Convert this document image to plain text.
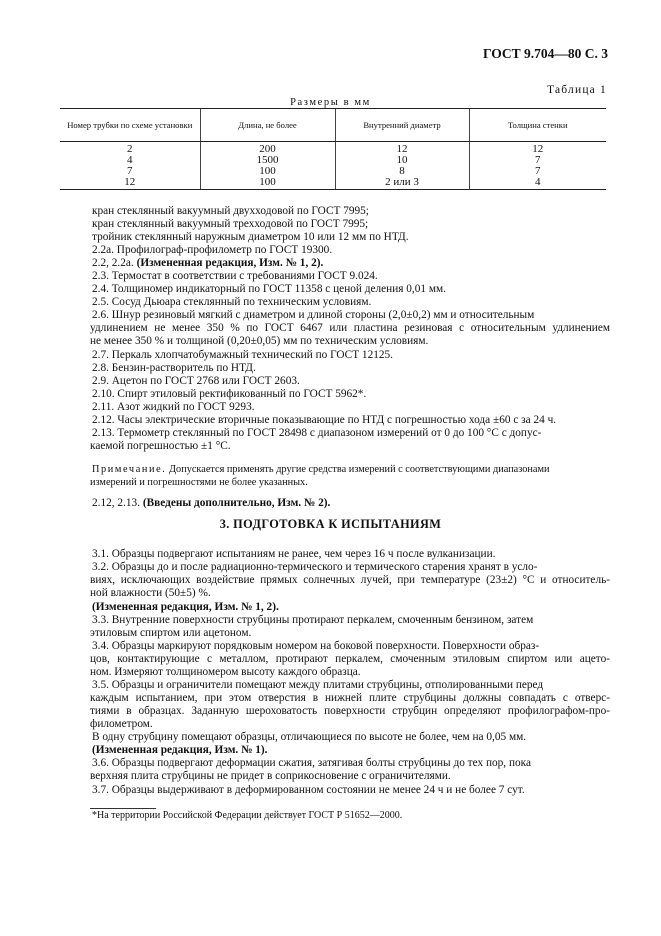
ГОСТ 9.704—80 С. 3
Таблица 1
Размеры в мм
Номер трубки по схеме установки	Длина, не более	Внутренний диаметр	Толщина стенки
2	200	12	12
4	1500	10	7
7	100	8	7
12	100	2 или 3	4
кран стеклянный вакуумный двухходовой по ГОСТ 7995;
кран стеклянный вакуумный трехходовой по ГОСТ 7995;
тройник стеклянный наружным диаметром 10 или 12 мм по НТД.
2.2а. Профилограф-профилометр по ГОСТ 19300.
2.2, 2.2а. (Измененная редакция, Изм. № 1, 2).
2.3. Термостат в соответствии с требованиями ГОСТ 9.024.
2.4. Толщиномер индикаторный по ГОСТ 11358 с ценой деления 0,01 мм.
2.5. Сосуд Дьюара стеклянный по техническим условиям.
2.6. Шнур резиновый мягкий с диаметром и длиной стороны (2,0±0,2) мм и относительным
удлинением не менее 350 % по ГОСТ 6467 или пластина резиновая с относительным удлинением
не менее 350 % и толщиной (0,20±0,05) мм по техническим условиям.
2.7. Перкаль хлопчатобумажный технический по ГОСТ 12125.
2.8. Бензин-растворитель по НТД.
2.9. Ацетон по ГОСТ 2768 или ГОСТ 2603.
2.10. Спирт этиловый ректификованный по ГОСТ 5962*.
2.11. Азот жидкий по ГОСТ 9293.
2.12. Часы электрические вторичные показывающие по НТД с погрешностью хода ±60 с за 24 ч.
2.13. Термометр стеклянный по ГОСТ 28498 с диапазоном измерений от 0 до 100 °С с допус-
каемой погрешностью ±1 °С.
Примечание. Допускается применять другие средства измерений с соответствующими диапазонами
измерений и погрешностями не более указанных.
2.12, 2.13. (Введены дополнительно, Изм. № 2).
3. ПОДГОТОВКА К ИСПЫТАНИЯМ
3.1. Образцы подвергают испытаниям не ранее, чем через 16 ч после вулканизации.
3.2. Образцы до и после радиационно-термического и термического старения хранят в усло-
виях, исключающих воздействие прямых солнечных лучей, при температуре (23±2) °С и относитель-
ной влажности (50±5) %.
(Измененная редакция, Изм. № 1, 2).
3.3. Внутренние поверхности струбцины протирают перкалем, смоченным бензином, затем
этиловым спиртом или ацетоном.
3.4. Образцы маркируют порядковым номером на боковой поверхности. Поверхности образ-
цов, контактирующие с металлом, протирают перкалем, смоченным этиловым спиртом или ацето-
ном. Измеряют толщиномером высоту каждого образца.
3.5. Образцы и ограничители помещают между плитами струбцины, отполированными перед
каждым испытанием, при этом отверстия в нижней плите струбцины должны совпадать с отверс-
тиями в образцах. Заданную шероховатость поверхности струбцин определяют профилографом-про-
филометром.
В одну струбцину помещают образцы, отличающиеся по высоте не более, чем на 0,05 мм.
(Измененная редакция, Изм. № 1).
3.6. Образцы подвергают деформации сжатия, затягивая болты струбцины до тех пор, пока
верхняя плита струбцины не придет в соприкосновение с ограничителями.
3.7. Образцы выдерживают в деформированном состоянии не менее 24 ч и не более 7 сут.
*На территории Российской Федерации действует ГОСТ Р 51652—2000.
